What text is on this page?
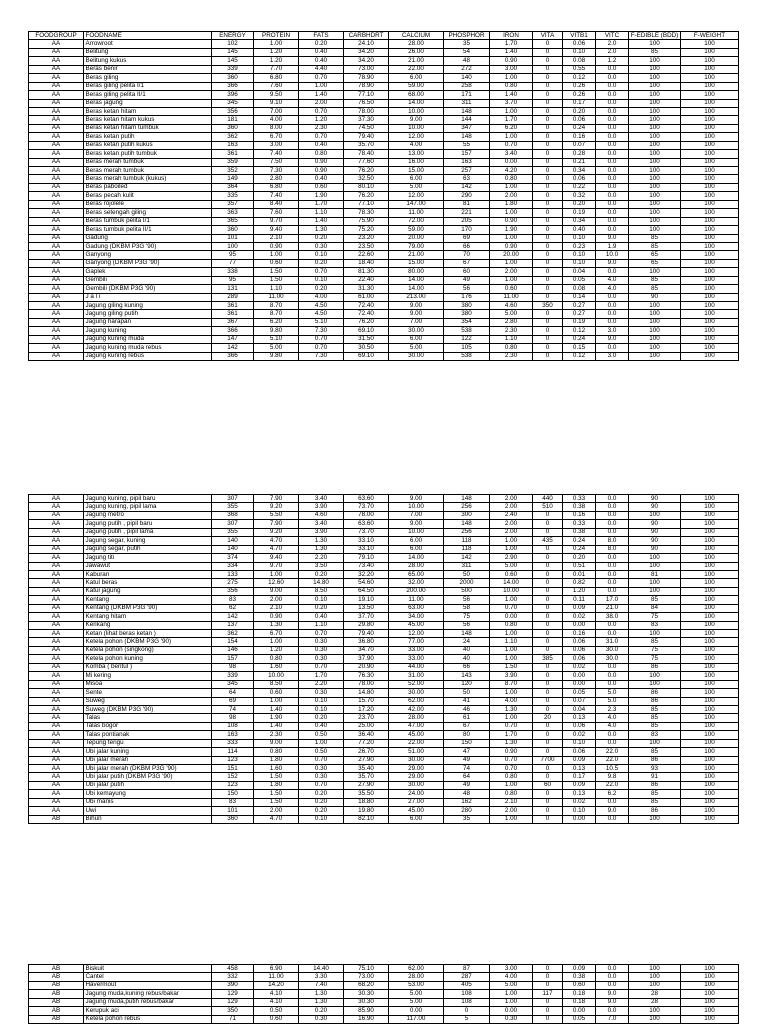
FOODGROUP	FOODNAME	ENERGY	PROTEIN	FATS	CARBHDRT	CALCIUM	PHOSPHOR	IRON	VITA	VITB1	VITC	F-EDIBLE (BDD)	F-WEIGHT
AA	Arrowroot	102	1.00	0.20	24.10	28.00	35	1.70	0	0.06	2.0	100	100
AA	Belitung	145	1.20	0.40	34.20	26.00	54	1.40	0	0.10	2.0	85	100
AA	Belitung kukus	145	1.20	0.40	34.20	21.00	48	0.90	0	0.08	1.2	100	100
AA	Beras benir	339	7.70	4.40	73.00	22.00	272	3.00	0	0.55	0.0	100	100
AA	Beras giling	360	6.80	0.70	78.90	6.00	140	1.00	0	0.12	0.0	100	100
AA	Beras giling pelita I/1	366	7.60	1.00	78.90	59.00	258	0.80	0	0.26	0.0	100	100
AA	Beras giling pelita II/1	396	9.50	1.40	77.10	68.00	171	1.40	0	0.26	0.0	100	100
AA	Beras jagung	345	9.10	2.00	76.50	14.00	311	3.70	0	0.17	0.0	100	100
AA	Beras ketan hitam	356	7.00	0.70	78.00	10.00	148	1.00	0	0.20	0.0	100	100
AA	Beras ketan hitam kukus	181	4.00	1.20	37.30	9.00	144	1.70	0	0.06	0.0	100	100
AA	Beras ketan hitam tumbuk	360	8.00	2.30	74.50	10.00	347	6.20	0	0.24	0.0	100	100
AA	Beras ketan putih	362	6.70	0.70	79.40	12.00	148	1.00	0	0.16	0.0	100	100
AA	Beras ketan putih kukus	163	3.00	0.40	35.70	4.00	55	0.70	0	0.07	0.0	100	100
AA	Beras ketan putih tumbuk	361	7.40	0.80	78.40	13.00	157	3.40	0	0.28	0.0	100	100
AA	Beras merah tumbuk	359	7.50	0.90	77.60	16.00	163	0.00	0	0.21	0.0	100	100
AA	Beras merah tumbuk	352	7.30	0.90	76.20	15.00	257	4.20	0	0.34	0.0	100	100
AA	Beras merah tumbuk (kukus)	149	2.80	0.40	32.50	6.00	63	0.80	0	0.06	0.0	100	100
AA	Beras paboiled	364	6.80	0.60	80.10	5.00	142	1.00	0	0.22	0.0	100	100
AA	Beras pecah kulit	335	7.40	1.90	76.20	12.00	290	2.00	0	0.32	0.0	100	100
AA	Beras rojolele	357	8.40	1.70	77.10	147.00	81	1.80	0	0.20	0.0	100	100
AA	Beras setengah giling	363	7.60	1.10	78.30	11.00	221	1.00	0	0.19	0.0	100	100
AA	Beras tumbuk pelita I/1	365	9.70	1.40	75.90	72.00	205	0.90	0	0.34	0.0	100	100
AA	Beras tumbuk pelita II/1	360	9.40	1.30	75.20	59.00	170	1.90	0	0.40	0.0	100	100
AA	Gadung	101	2.10	0.20	23.20	20.00	69	1.00	0	0.10	9.0	85	100
AA	Gadung (DKBM P3G '90)	100	0.90	0.30	23.50	79.00	66	0.90	0	0.23	1.9	85	100
AA	Ganyong	95	1.00	0.10	22.60	21.00	70	20.00	0	0.10	10.0	65	100
AA	Ganyong (DKBM P3G '90)	77	0.60	0.20	18.40	15.00	67	1.00	0	0.10	9.0	65	100
AA	Gaplek	338	1.50	0.70	81.30	80.00	60	2.00	0	0.04	0.0	100	100
AA	Gembili	95	1.50	0.10	22.40	14.00	49	1.00	0	0.05	4.0	85	100
AA	Gembili (DKBM P3G '90)	131	1.10	0.20	31.30	14.00	56	0.60	0	0.08	4.0	85	100
AA	J a l i	289	11.00	4.00	61.00	213.00	176	11.00	0	0.14	0.0	90	100
AA	Jagung giling kuning	361	8.70	4.50	72.40	9.00	380	4.60	350	0.27	0.0	100	100
AA	Jagung giling putih	361	8.70	4.50	72.40	9.00	380	5.00	0	0.27	0.0	100	100
AA	Jagung harapan	367	6.20	5.10	76.20	7.00	354	2.80	0	0.19	0.0	100	100
AA	Jagung kuning	366	9.80	7.30	69.10	30.00	538	2.30	0	0.12	3.0	100	100
AA	Jagung kuning muda	147	5.10	0.70	31.50	6.00	122	1.10	0	0.24	9.0	100	100
AA	Jagung kuning muda rebus	142	5.00	0.70	30.50	5.00	105	0.80	0	0.15	0.0	100	100
AA	Jagung kuning rebus	366	9.80	7.30	69.10	30.00	538	2.30	0	0.12	3.0	100	100
AA	Jagung kuning, pipil baru	307	7.90	3.40	63.60	9.00	148	2.00	440	0.33	0.0	90	100
AA	Jagung kuning, pipil lama	355	9.20	3.90	73.70	10.00	256	2.00	510	0.38	0.0	90	100
AA	Jagung metro	368	5.50	4.60	78.00	7.00	300	2.40	0	0.16	0.0	100	100
AA	Jagung putih , pipil baru	307	7.90	3.40	63.60	9.00	148	2.00	0	0.33	0.0	90	100
AA	Jagung putih , pipil lama	355	9.20	3.90	73.70	10.00	256	2.00	0	0.38	0.0	90	100
AA	Jagung segar, kuning	140	4.70	1.30	33.10	6.00	118	1.00	435	0.24	8.0	90	100
AA	Jagung segar, putih	140	4.70	1.30	33.10	6.00	118	1.00	0	0.24	8.0	90	100
AA	Jagung titi	374	9.40	2.20	79.10	14.00	142	2.90	0	0.20	0.0	100	100
AA	Jawawut	334	9.70	3.50	73.40	28.00	311	5.00	0	0.51	0.0	100	100
AA	Kaburan	133	1.00	0.20	32.20	65.00	50	0.60	0	0.01	0.0	81	100
AA	Katul beras	275	12.60	14.80	54.60	32.00	2000	14.00	0	0.82	0.0	100	100
AA	Katul jagung	356	9.00	8.50	64.50	200.00	500	10.00	0	1.20	0.0	100	100
AA	Kentang	83	2.00	0.10	19.10	11.00	56	1.00	0	0.11	17.0	85	100
AA	Kentang (DKBM P3G '90)	62	2.10	0.20	13.50	63.00	58	0.70	0	0.09	21.0	84	100
AA	Kentang hitam	142	0.90	0.40	37.70	34.00	75	0.00	0	0.02	38.0	75	100
AA	Kerikang	137	1.30	1.10	29.80	45.00	56	0.80	0	0.00	0.0	83	100
AA	Ketan (lihat beras ketan )	362	6.70	0.70	79.40	12.00	148	1.00	0	0.16	0.0	100	100
AA	Ketela pohon (DKBM P3G '90)	154	1.00	0.30	36.80	77.00	24	1.10	0	0.06	31.0	85	100
AA	Ketela pohon (singkong)	146	1.20	0.30	34.70	33.00	40	1.00	0	0.06	30.0	75	100
AA	Ketela pohon kuning	157	0.80	0.30	37.90	33.00	40	1.00	385	0.06	30.0	75	100
AA	Komba ( bentul )	98	1.60	0.70	20.90	44.00	66	1.50	0	0.02	0.0	86	100
AA	Mi kering	339	10.00	1.70	76.30	31.00	143	3.90	0	0.00	0.0	100	100
AA	Misoa	345	8.50	2.20	78.00	52.00	120	8.70	0	0.00	0.0	100	100
AA	Sente	64	0.60	0.30	14.80	30.00	50	1.00	0	0.05	5.0	86	100
AA	Suweg	69	1.00	0.10	15.70	62.00	41	4.00	0	0.07	5.0	86	100
AA	Suweg (DKBM P3G '90)	74	1.40	0.10	17.20	42.00	46	1.30	0	0.04	2.3	85	100
AA	Talas	98	1.90	0.20	23.70	28.00	61	1.00	20	0.13	4.0	85	100
AA	Talas bogor	108	1.40	0.40	25.00	47.00	67	0.70	0	0.06	4.0	85	100
AA	Talas pontianak	163	2.30	0.50	36.40	45.00	80	1.70	0	0.02	0.0	83	100
AA	Tepung terigu	333	9.00	1.00	77.20	22.00	150	1.30	0	0.10	0.0	100	100
AA	Ubi jalar kuning	114	0.80	0.50	26.70	51.00	47	0.90	0	0.06	22.0	85	100
AA	Ubi jalar merah	123	1.80	0.70	27.90	30.00	49	0.70	7700	0.09	22.0	86	100
AA	Ubi jalar merah (DKBM P3G '90)	151	1.60	0.30	35.40	29.00	74	0.70	0	0.13	10.5	93	100
AA	Ubi jalar putih (DKBM P3G '90)	152	1.50	0.30	35.70	29.00	64	0.80	0	0.17	9.8	91	100
AA	Ubi jalar putih	123	1.80	0.70	27.90	30.00	49	1.00	60	0.09	22.0	86	100
AA	Ubi kemayung	150	1.50	0.20	35.50	24.00	48	0.80	0	0.13	6.2	85	100
AA	Ubi manis	83	1.50	0.20	18.80	27.00	162	2.10	0	0.02	0.0	85	100
AA	Uwi	101	2.00	0.20	19.80	45.00	280	2.00	0	0.10	9.0	86	100
AB	Bihun	360	4.70	0.10	82.10	6.00	35	1.00	0	0.00	0.0	100	100
AB	Biskuit	458	6.90	14.40	75.10	62.00	87	3.00	0	0.09	0.0	100	100
AB	Cantel	332	11.00	3.30	73.00	28.00	287	4.00	0	0.38	0.0	100	100
AB	Havermout	390	14.20	7.40	68.20	53.00	405	5.00	0	0.60	0.0	100	100
AB	Jagung muda,kuning rebus/bakar	129	4.10	1.30	30.30	5.00	108	1.00	117	0.18	9.0	28	100
AB	Jagung muda,putih rebus/bakar	129	4.10	1.30	30.30	5.00	108	1.00	0	0.18	9.0	28	100
AB	Kerupuk aci	350	0.50	0.20	85.90	0.00	0	0.00	0	0.00	0.0	100	100
AB	Ketela pohon rebus	71	0.60	0.30	16.90	117.00	5	0.30	0	0.05	7.0	100	100
